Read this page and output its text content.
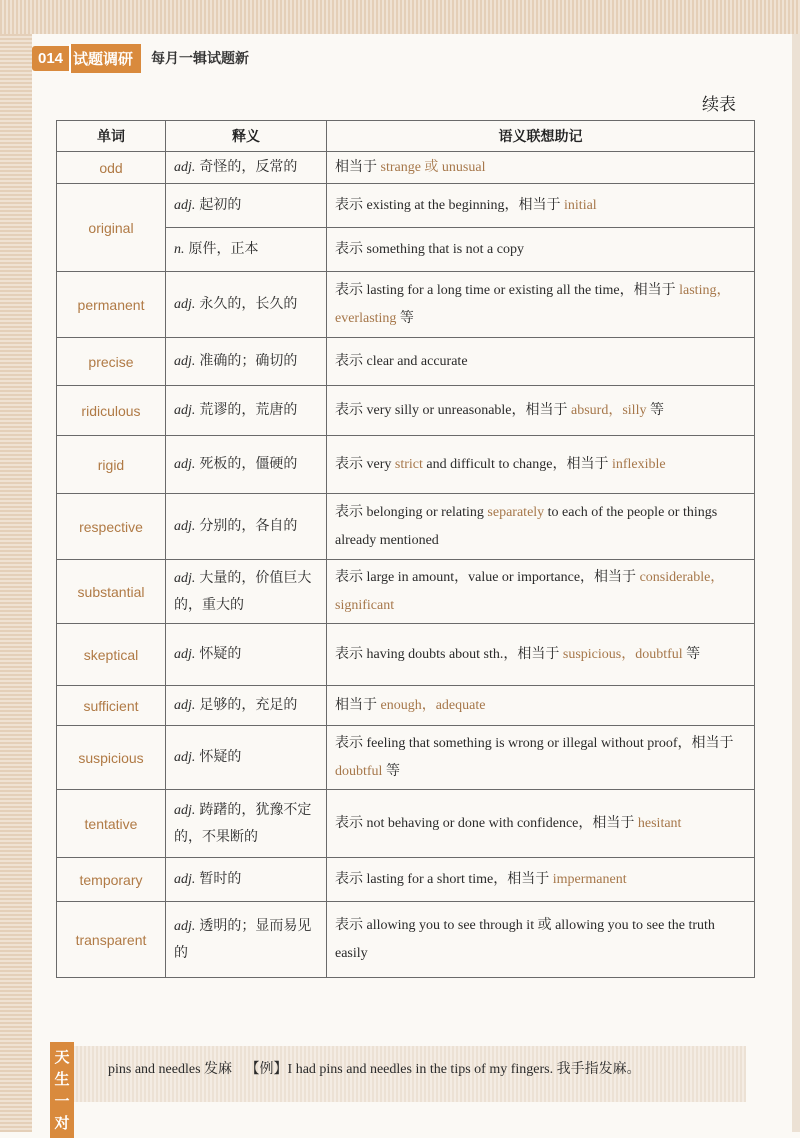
014 试题调研	每月一辑试题新
续表
单词	释义	语义联想助记
odd	adj. 奇怪的，反常的	相当于 strange 或 unusual
original	adj. 起初的	表示 existing at the beginning，相当于 initial
	n. 原件，正本	表示 something that is not a copy
permanent	adj. 永久的，长久的	表示 lasting for a long time or existing all the time，相当于 lasting，everlasting 等
precise	adj. 准确的；确切的	表示 clear and accurate
ridiculous	adj. 荒谬的，荒唐的	表示 very silly or unreasonable，相当于 absurd，silly 等
rigid	adj. 死板的，僵硬的	表示 very strict and difficult to change，相当于 inflexible
respective	adj. 分别的，各自的	表示 belonging or relating separately to each of the people or things already mentioned
substantial	adj. 大量的，价值巨大的，重大的	表示 large in amount，value or importance，相当于 considerable，significant
skeptical	adj. 怀疑的	表示 having doubts about sth.，相当于 suspicious，doubtful 等
sufficient	adj. 足够的，充足的	相当于 enough，adequate
suspicious	adj. 怀疑的	表示 feeling that something is wrong or illegal without proof，相当于 doubtful 等
tentative	adj. 踌躇的，犹豫不定的，不果断的	表示 not behaving or done with confidence，相当于 hesitant
temporary	adj. 暂时的	表示 lasting for a short time，相当于 impermanent
transparent	adj. 透明的；显而易见的	表示 allowing you to see through it 或 allowing you to see the truth easily
天
生
一
对
pins and needles 发麻 【例】I had pins and needles in the tips of my fingers. 我手指发麻。
